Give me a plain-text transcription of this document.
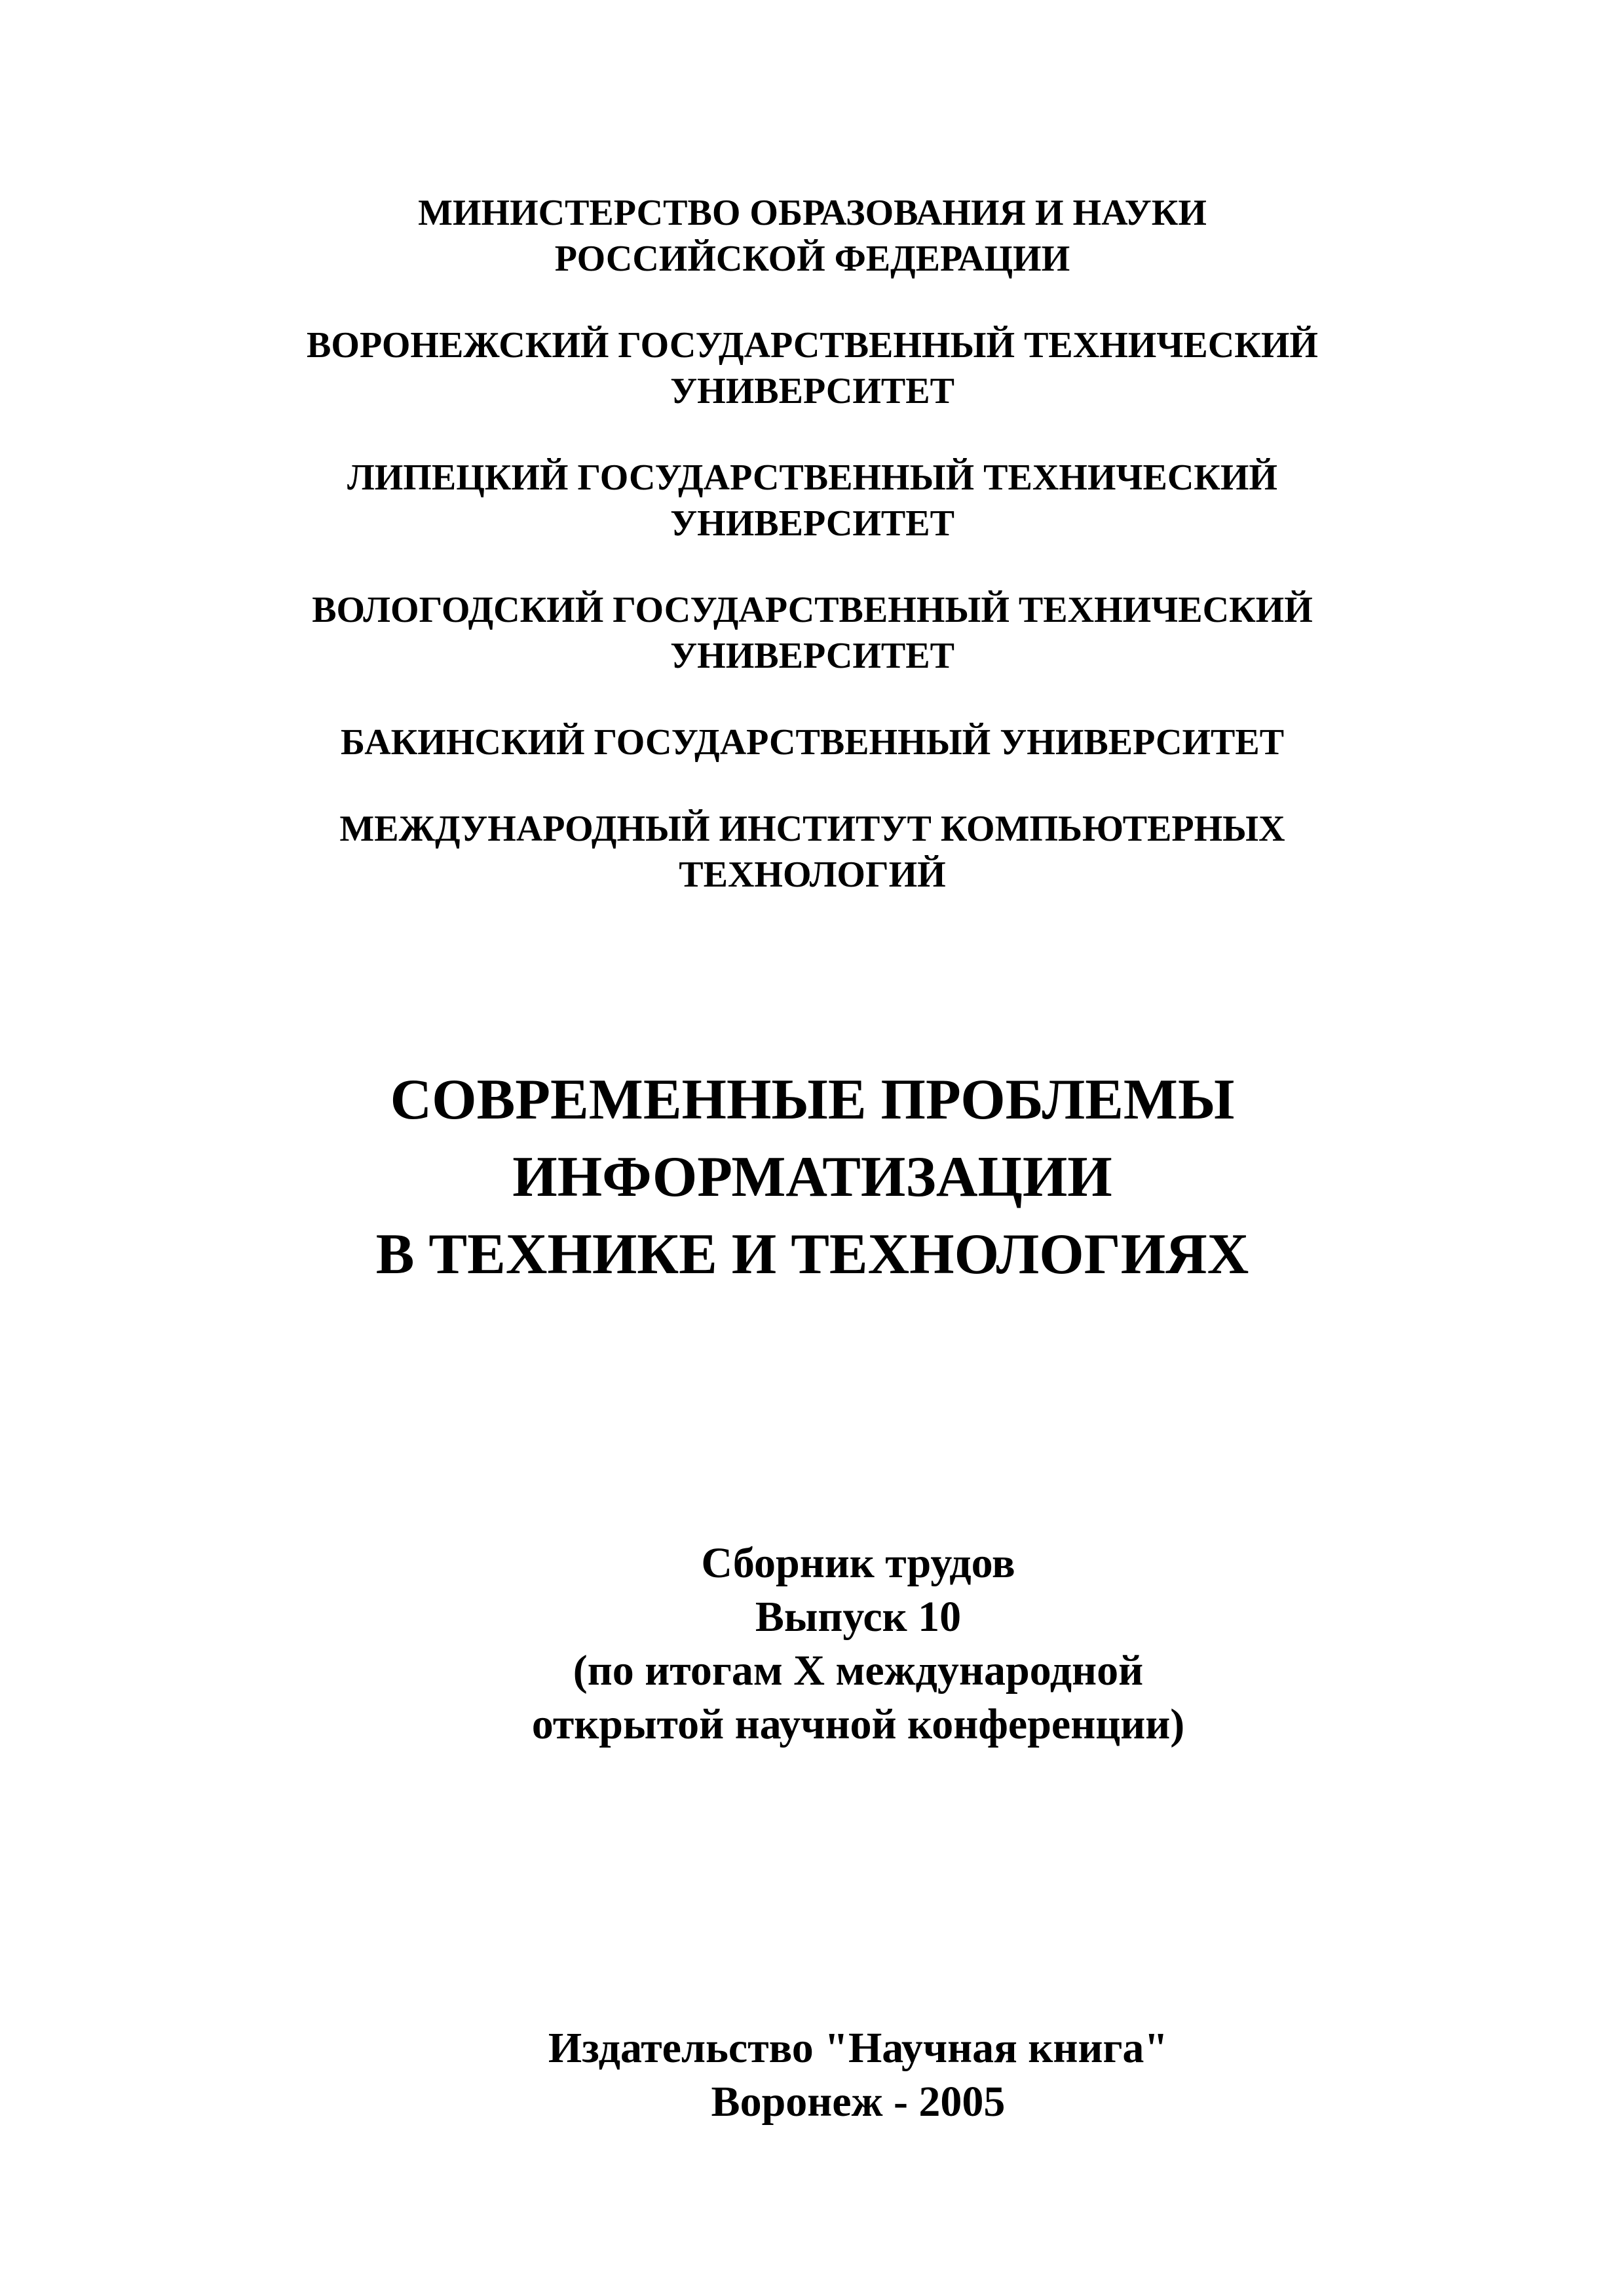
МИНИСТЕРСТВО ОБРАЗОВАНИЯ И НАУКИ
РОССИЙСКОЙ ФЕДЕРАЦИИ
ВОРОНЕЖСКИЙ ГОСУДАРСТВЕННЫЙ ТЕХНИЧЕСКИЙ
УНИВЕРСИТЕТ
ЛИПЕЦКИЙ ГОСУДАРСТВЕННЫЙ ТЕХНИЧЕСКИЙ
УНИВЕРСИТЕТ
ВОЛОГОДСКИЙ ГОСУДАРСТВЕННЫЙ ТЕХНИЧЕСКИЙ
УНИВЕРСИТЕТ
БАКИНСКИЙ ГОСУДАРСТВЕННЫЙ УНИВЕРСИТЕТ
МЕЖДУНАРОДНЫЙ ИНСТИТУТ КОМПЬЮТЕРНЫХ
ТЕХНОЛОГИЙ
СОВРЕМЕННЫЕ ПРОБЛЕМЫ
ИНФОРМАТИЗАЦИИ
В ТЕХНИКЕ И ТЕХНОЛОГИЯХ
Сборник трудов
Выпуск 10
(по итогам X международной
открытой научной конференции)
Издательство "Научная книга"
Воронеж - 2005
